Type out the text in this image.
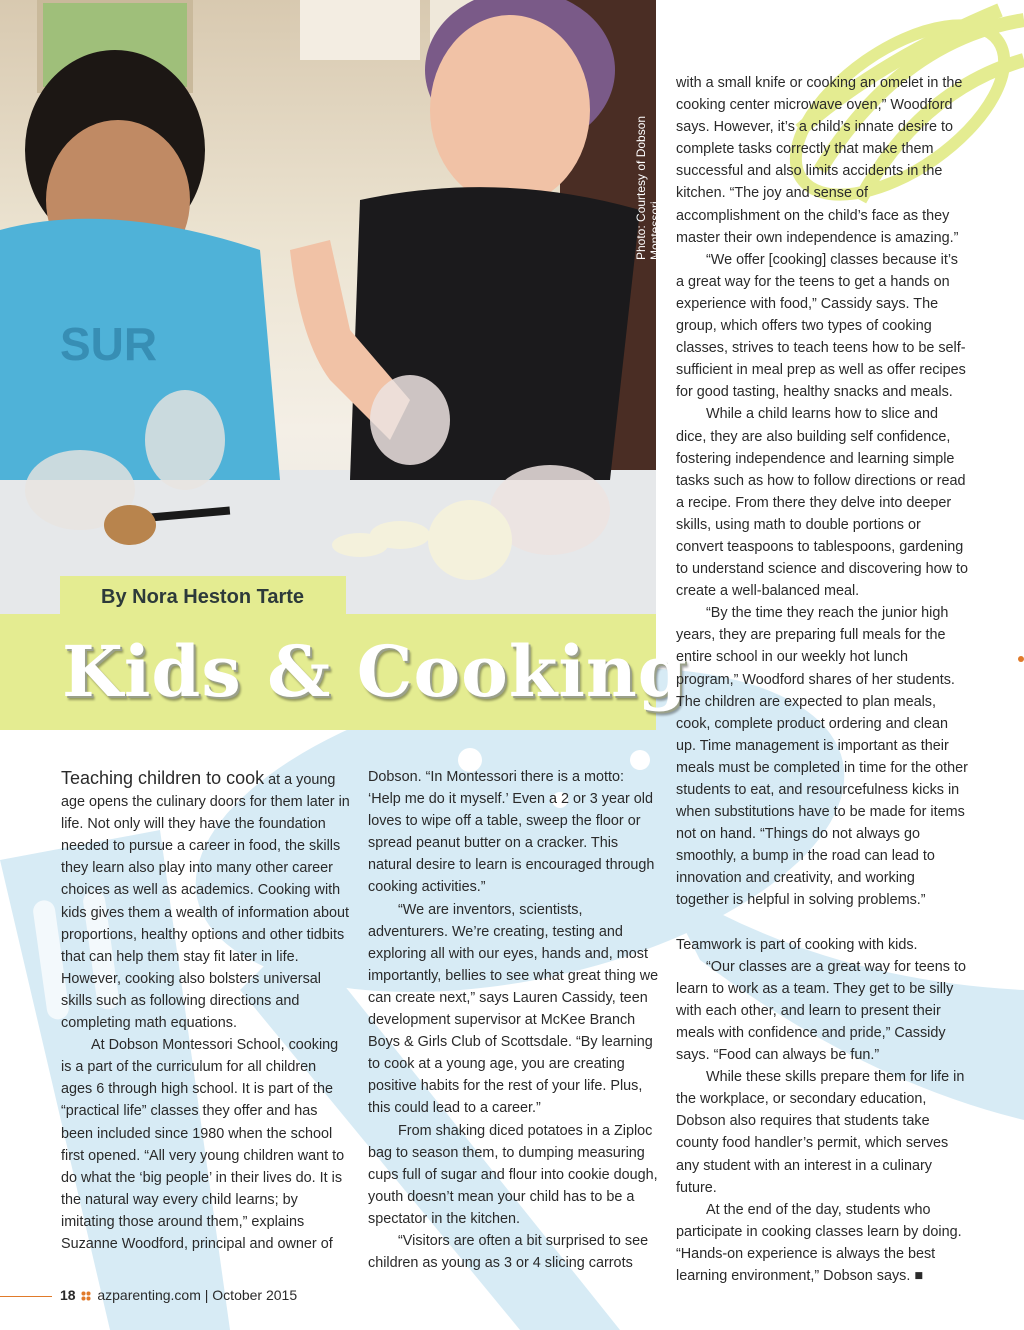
SUR
Photo: Courtesy of Dobson Montessori
By Nora Heston Tarte
Kids & Cooking

Teaching children to cook at a young age opens the culinary doors for them later in life. Not only will they have the foundation needed to pursue a career in food, the skills they learn also play into many other career choices as well as academics. Cooking with kids gives them a wealth of information about proportions, healthy options and other tidbits that can help them stay fit later in life. However, cooking also bolsters universal skills such as following directions and completing math equations.

At Dobson Montessori School, cooking is a part of the curriculum for all children ages 6 through high school. It is part of the “practical life” classes they offer and has been included since 1980 when the school first opened. “All very young children want to do what the ‘big people’ in their lives do. It is the natural way every child learns; by imitating those around them,” explains Suzanne Woodford, principal and owner of

Dobson. “In Montessori there is a motto: ‘Help me do it myself.’ Even a 2 or 3 year old loves to wipe off a table, sweep the floor or spread peanut butter on a cracker. This natural desire to learn is encouraged through cooking activities.”

“We are inventors, scientists, adventurers. We’re creating, testing and exploring all with our eyes, hands and, most importantly, bellies to see what great thing we can create next,” says Lauren Cassidy, teen development supervisor at McKee Branch Boys & Girls Club of Scottsdale. “By learning to cook at a young age, you are creating positive habits for the rest of your life. Plus, this could lead to a career.”

From shaking diced potatoes in a Ziploc bag to season them, to dumping measuring cups full of sugar and flour into cookie dough, youth doesn’t mean your child has to be a spectator in the kitchen.

“Visitors are often a bit surprised to see children as young as 3 or 4 slicing carrots

with a small knife or cooking an omelet in the cooking center microwave oven,” Woodford says. However, it’s a child’s innate desire to complete tasks correctly that make them successful and also limits accidents in the kitchen. “The joy and sense of accomplishment on the child’s face as they master their own independence is amazing.”

“We offer [cooking] classes because it’s a great way for the teens to get a hands on experience with food,” Cassidy says. The group, which offers two types of cooking classes, strives to teach teens how to be self-sufficient in meal prep as well as offer recipes for good tasting, healthy snacks and meals.

While a child learns how to slice and dice, they are also building self confidence, fostering independence and learning simple tasks such as how to follow directions or read a recipe. From there they delve into deeper skills, using math to double portions or convert teaspoons to tablespoons, gardening to understand science and discovering how to create a well-balanced meal.

“By the time they reach the junior high years, they are preparing full meals for the entire school in our weekly hot lunch program,” Woodford shares of her students. The children are expected to plan meals, cook, complete product ordering and clean up. Time management is important as their meals must be completed in time for the other students to eat, and resourcefulness kicks in when substitutions have to be made for items not on hand. “Things do not always go smoothly, a bump in the road can lead to innovation and creativity, and working together is helpful in solving problems.”

Teamwork is part of cooking with kids.

“Our classes are a great way for teens to learn to work as a team. They get to be silly with each other, and learn to present their meals with confidence and pride,” Cassidy says. “Food can always be fun.”

While these skills prepare them for life in the workplace, or secondary education, Dobson also requires that students take county food handler’s permit, which serves any student with an interest in a culinary future.

At the end of the day, students who participate in cooking classes learn by doing. “Hands-on experience is always the best learning environment,” Dobson says. ■

18 azparenting.com | October 2015
